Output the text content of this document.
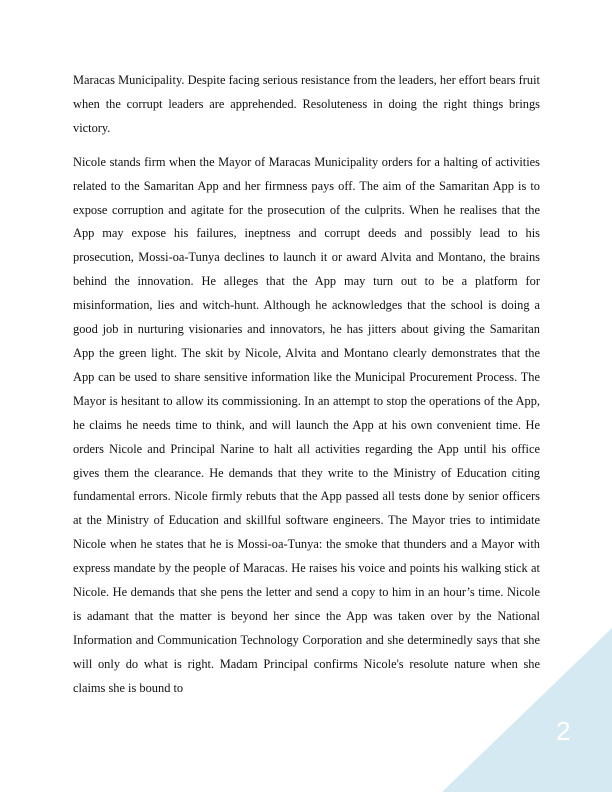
Maracas Municipality. Despite facing serious resistance from the leaders, her effort bears fruit when the corrupt leaders are apprehended. Resoluteness in doing the right things brings victory.

Nicole stands firm when the Mayor of Maracas Municipality orders for a halting of activities related to the Samaritan App and her firmness pays off. The aim of the Samaritan App is to expose corruption and agitate for the prosecution of the culprits. When he realises that the App may expose his failures, ineptness and corrupt deeds and possibly lead to his prosecution, Mossi-oa-Tunya declines to launch it or award Alvita and Montano, the brains behind the innovation. He alleges that the App may turn out to be a platform for misinformation, lies and witch-hunt. Although he acknowledges that the school is doing a good job in nurturing visionaries and innovators, he has jitters about giving the Samaritan App the green light. The skit by Nicole, Alvita and Montano clearly demonstrates that the App can be used to share sensitive information like the Municipal Procurement Process. The Mayor is hesitant to allow its commissioning. In an attempt to stop the operations of the App, he claims he needs time to think, and will launch the App at his own convenient time. He orders Nicole and Principal Narine to halt all activities regarding the App until his office gives them the clearance. He demands that they write to the Ministry of Education citing fundamental errors. Nicole firmly rebuts that the App passed all tests done by senior officers at the Ministry of Education and skillful software engineers. The Mayor tries to intimidate Nicole when he states that he is Mossi-oa-Tunya: the smoke that thunders and a Mayor with express mandate by the people of Maracas. He raises his voice and points his walking stick at Nicole. He demands that she pens the letter and send a copy to him in an hour’s time. Nicole is adamant that the matter is beyond her since the App was taken over by the National Information and Communication Technology Corporation and she determinedly says that she will only do what is right. Madam Principal confirms Nicole's resolute nature when she claims she is bound to

2
